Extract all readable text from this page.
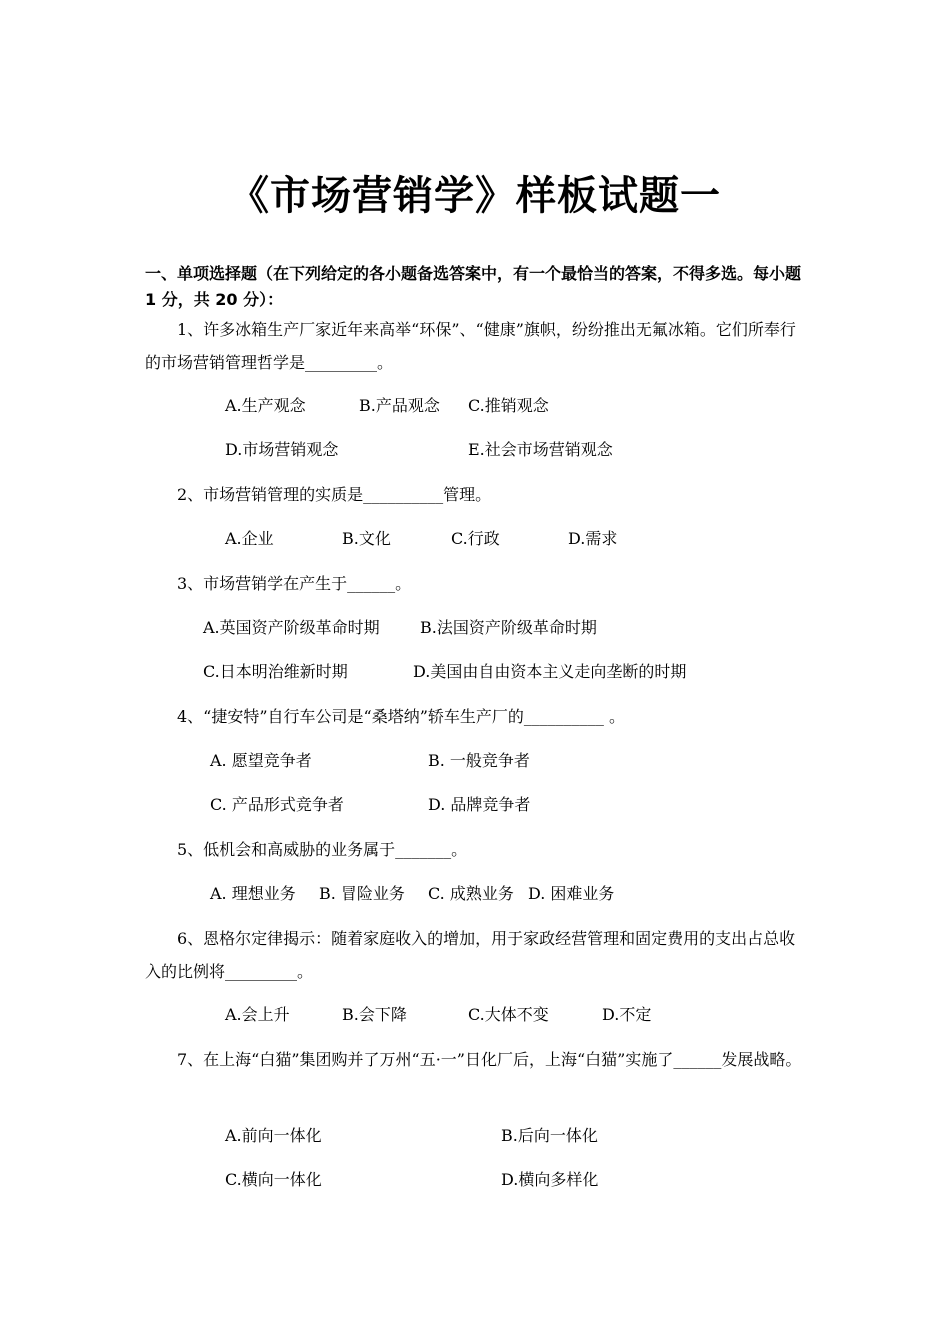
《市场营销学》样板试题一
一、单项选择题（在下列给定的各小题备选答案中，有一个最恰当的答案，不得多选。每小题 1 分，共 20 分）：
1、许多冰箱生产厂家近年来高举“环保”、“健康”旗帜，纷纷推出无氟冰箱。它们所奉行的市场营销管理哲学是_________。
A.生产观念	B.产品观念 C.推销观念
D.市场营销观念	E.社会市场营销观念
2、市场营销管理的实质是__________管理。
A.企业	B.文化	C.行政	D.需求
3、市场营销学在产生于______。
A.英国资产阶级革命时期	B.法国资产阶级革命时期
C.日本明治维新时期	D.美国由自由资本主义走向垄断的时期
4、“捷安特”自行车公司是“桑塔纳”轿车生产厂的__________ 。
A. 愿望竞争者	B. 一般竞争者
C. 产品形式竞争者	D. 品牌竞争者
5、低机会和高威胁的业务属于_______。
A. 理想业务 B. 冒险业务 C. 成熟业务 D. 困难业务
6、恩格尔定律揭示：随着家庭收入的增加，用于家政经营管理和固定费用的支出占总收入的比例将_________。
A.会上升	B.会下降	C.大体不变	D.不定
7、在上海“白猫”集团购并了万州“五·一”日化厂后，上海“白猫”实施了______发展战略。
A.前向一体化	B.后向一体化
C.横向一体化	D.横向多样化
